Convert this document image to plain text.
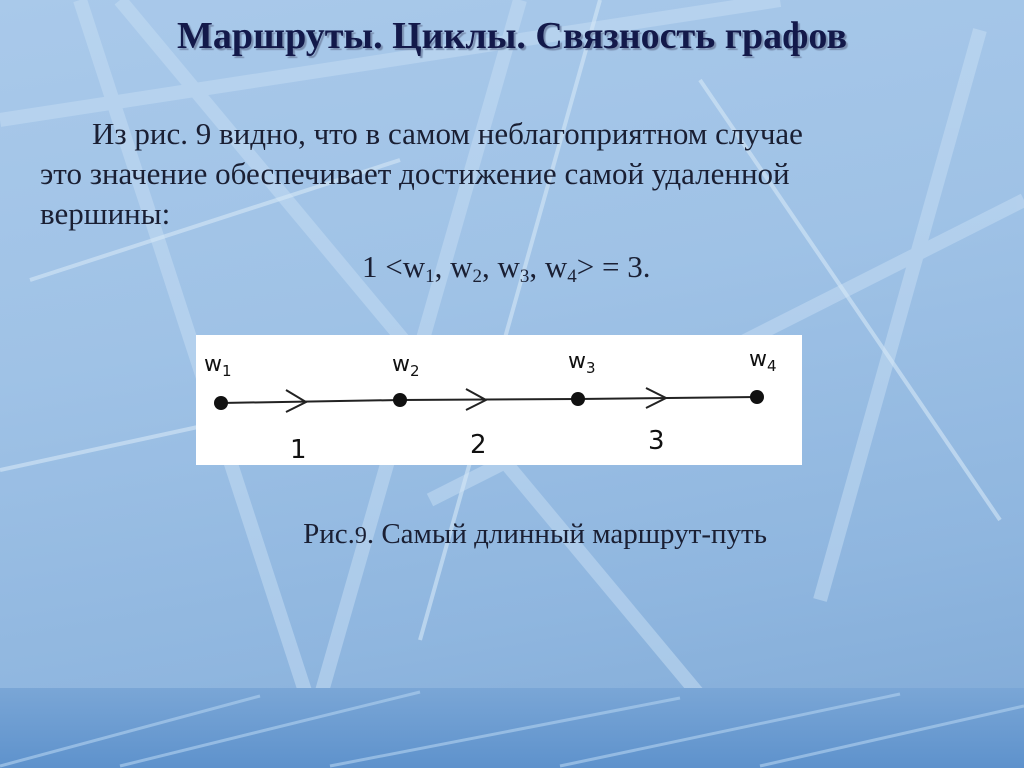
Маршруты. Циклы. Связность графов
Из рис. 9 видно, что в самом неблагоприятном случае
это значение обеспечивает достижение самой удаленной
вершины:
$1 <w_1$, $w_2$, $w_3$, $w_4> = 3$.
$w_1$	$w_2$	$w_3$	$w_4$
1	2	3
Рис.9. Самый длинный маршрут-путь
